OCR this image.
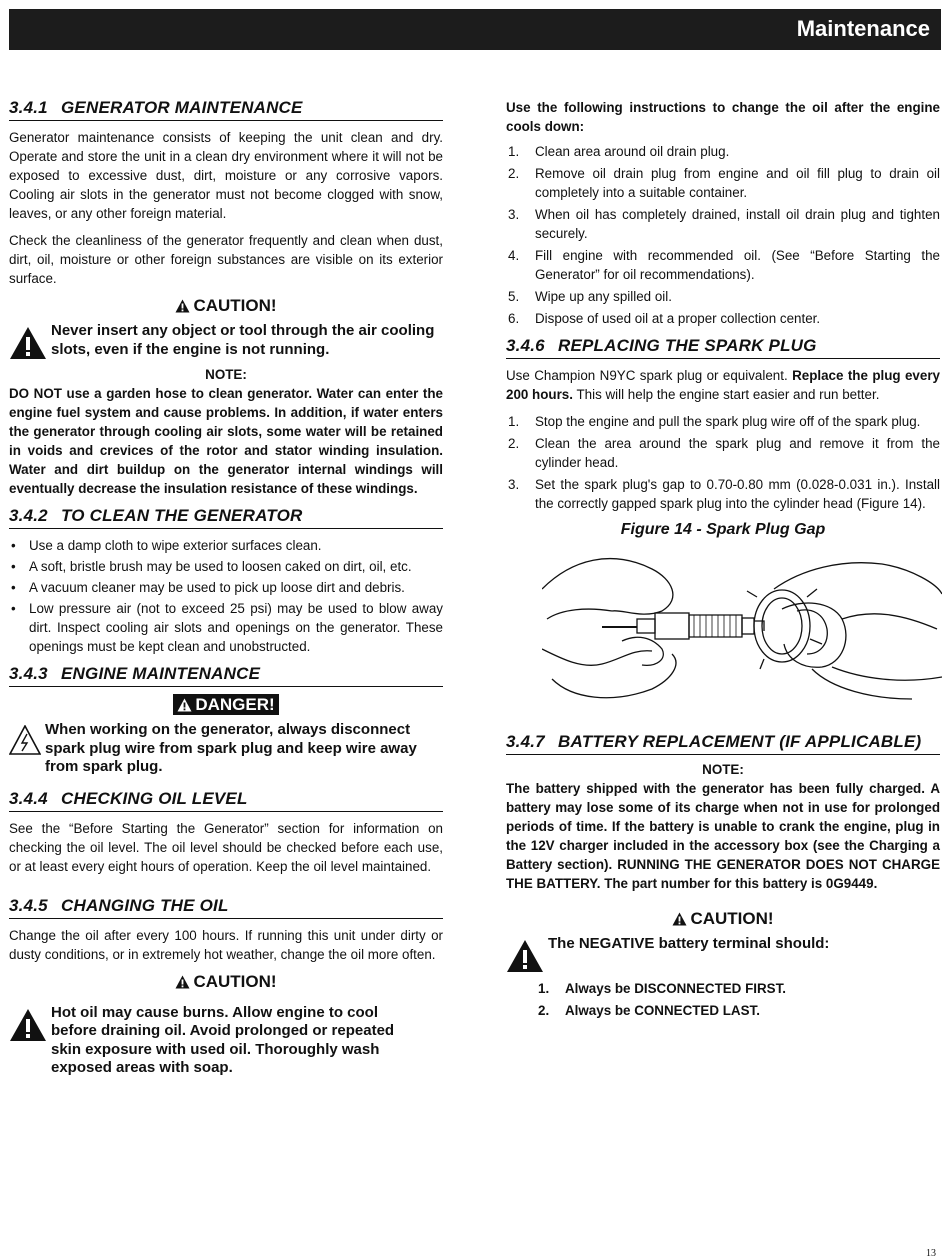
Maintenance
3.4.1 GENERATOR MAINTENANCE

Generator maintenance consists of keeping the unit clean and dry. Operate and store the unit in a clean dry environment where it will not be exposed to excessive dust, dirt, moisture or any corrosive vapors. Cooling air slots in the generator must not become clogged with snow, leaves, or any other foreign material.

Check the cleanliness of the generator frequently and clean when dust, dirt, oil, moisture or other foreign substances are visible on its exterior surface.

CAUTION!
Never insert any object or tool through the air cooling slots, even if the engine is not running.
NOTE:

DO NOT use a garden hose to clean generator. Water can enter the engine fuel system and cause problems. In addition, if water enters the generator through cooling air slots, some water will be retained in voids and crevices of the rotor and stator winding insulation. Water and dirt buildup on the generator internal windings will eventually decrease the insulation resistance of these windings.

3.4.2 TO CLEAN THE GENERATOR
• Use a damp cloth to wipe exterior surfaces clean.
• A soft, bristle brush may be used to loosen caked on dirt, oil, etc.
• A vacuum cleaner may be used to pick up loose dirt and debris.
• Low pressure air (not to exceed 25 psi) may be used to blow away dirt. Inspect cooling air slots and openings on the generator. These openings must be kept clean and unobstructed.
3.4.3 ENGINE MAINTENANCE
DANGER!
When working on the generator, always disconnect spark plug wire from spark plug and keep wire away from spark plug.
3.4.4 CHECKING OIL LEVEL

See the “Before Starting the Generator” section for information on checking the oil level. The oil level should be checked before each use, or at least every eight hours of operation. Keep the oil level maintained.

3.4.5 CHANGING THE OIL

Change the oil after every 100 hours. If running this unit under dirty or dusty conditions, or in extremely hot weather, change the oil more often.

CAUTION!
Hot oil may cause burns. Allow engine to cool before draining oil. Avoid prolonged or repeated skin exposure with used oil. Thoroughly wash exposed areas with soap.

Use the following instructions to change the oil after the engine cools down:

1. Clean area around oil drain plug.
2. Remove oil drain plug from engine and oil fill plug to drain oil completely into a suitable container.
3. When oil has completely drained, install oil drain plug and tighten securely.
4. Fill engine with recommended oil. (See “Before Starting the Generator” for oil recommendations).
5. Wipe up any spilled oil.
6. Dispose of used oil at a proper collection center.
3.4.6 REPLACING THE SPARK PLUG

Use Champion N9YC spark plug or equivalent. Replace the plug every 200 hours. This will help the engine start easier and run better.

1. Stop the engine and pull the spark plug wire off of the spark plug.
2. Clean the area around the spark plug and remove it from the cylinder head.
3. Set the spark plug's gap to 0.70-0.80 mm (0.028-0.031 in.). Install the correctly gapped spark plug into the cylinder head (Figure 14).
Figure 14 - Spark Plug Gap
3.4.7 BATTERY REPLACEMENT (IF APPLICABLE)
NOTE:

The battery shipped with the generator has been fully charged. A battery may lose some of its charge when not in use for prolonged periods of time. If the battery is unable to crank the engine, plug in the 12V charger included in the accessory box (see the Charging a Battery section). RUNNING THE GENERATOR DOES NOT CHARGE THE BATTERY. The part number for this battery is 0G9449.

CAUTION!
The NEGATIVE battery terminal should:
1. Always be DISCONNECTED FIRST.
2. Always be CONNECTED LAST.
13
